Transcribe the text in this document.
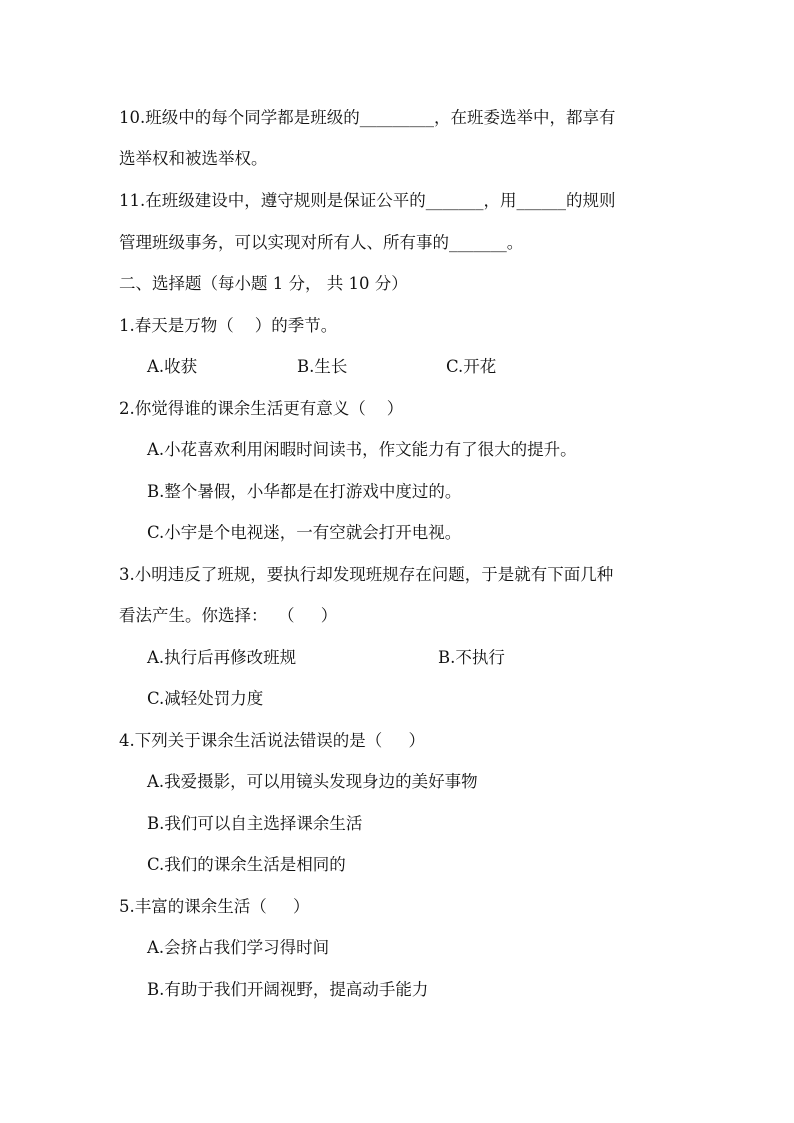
10.班级中的每个同学都是班级的_________，在班委选举中，都享有
选举权和被选举权。
11.在班级建设中，遵守规则是保证公平的_______，用______的规则
管理班级事务，可以实现对所有人、所有事的_______。
二、选择题（每小题 1 分， 共 10 分）
1.春天是万物（    ）的季节。
A.收获	B.生长	C.开花
2.你觉得谁的课余生活更有意义（    ）
A.小花喜欢利用闲暇时间读书，作文能力有了很大的提升。
B.整个暑假，小华都是在打游戏中度过的。
C.小宇是个电视迷，一有空就会打开电视。
3.小明违反了班规，要执行却发现班规存在问题，于是就有下面几种
看法产生。你选择：  （     ）
A.执行后再修改班规	B.不执行
C.减轻处罚力度
4.下列关于课余生活说法错误的是（     ）
A.我爱摄影，可以用镜头发现身边的美好事物
B.我们可以自主选择课余生活
C.我们的课余生活是相同的
5.丰富的课余生活（     ）
A.会挤占我们学习得时间
B.有助于我们开阔视野，提高动手能力
